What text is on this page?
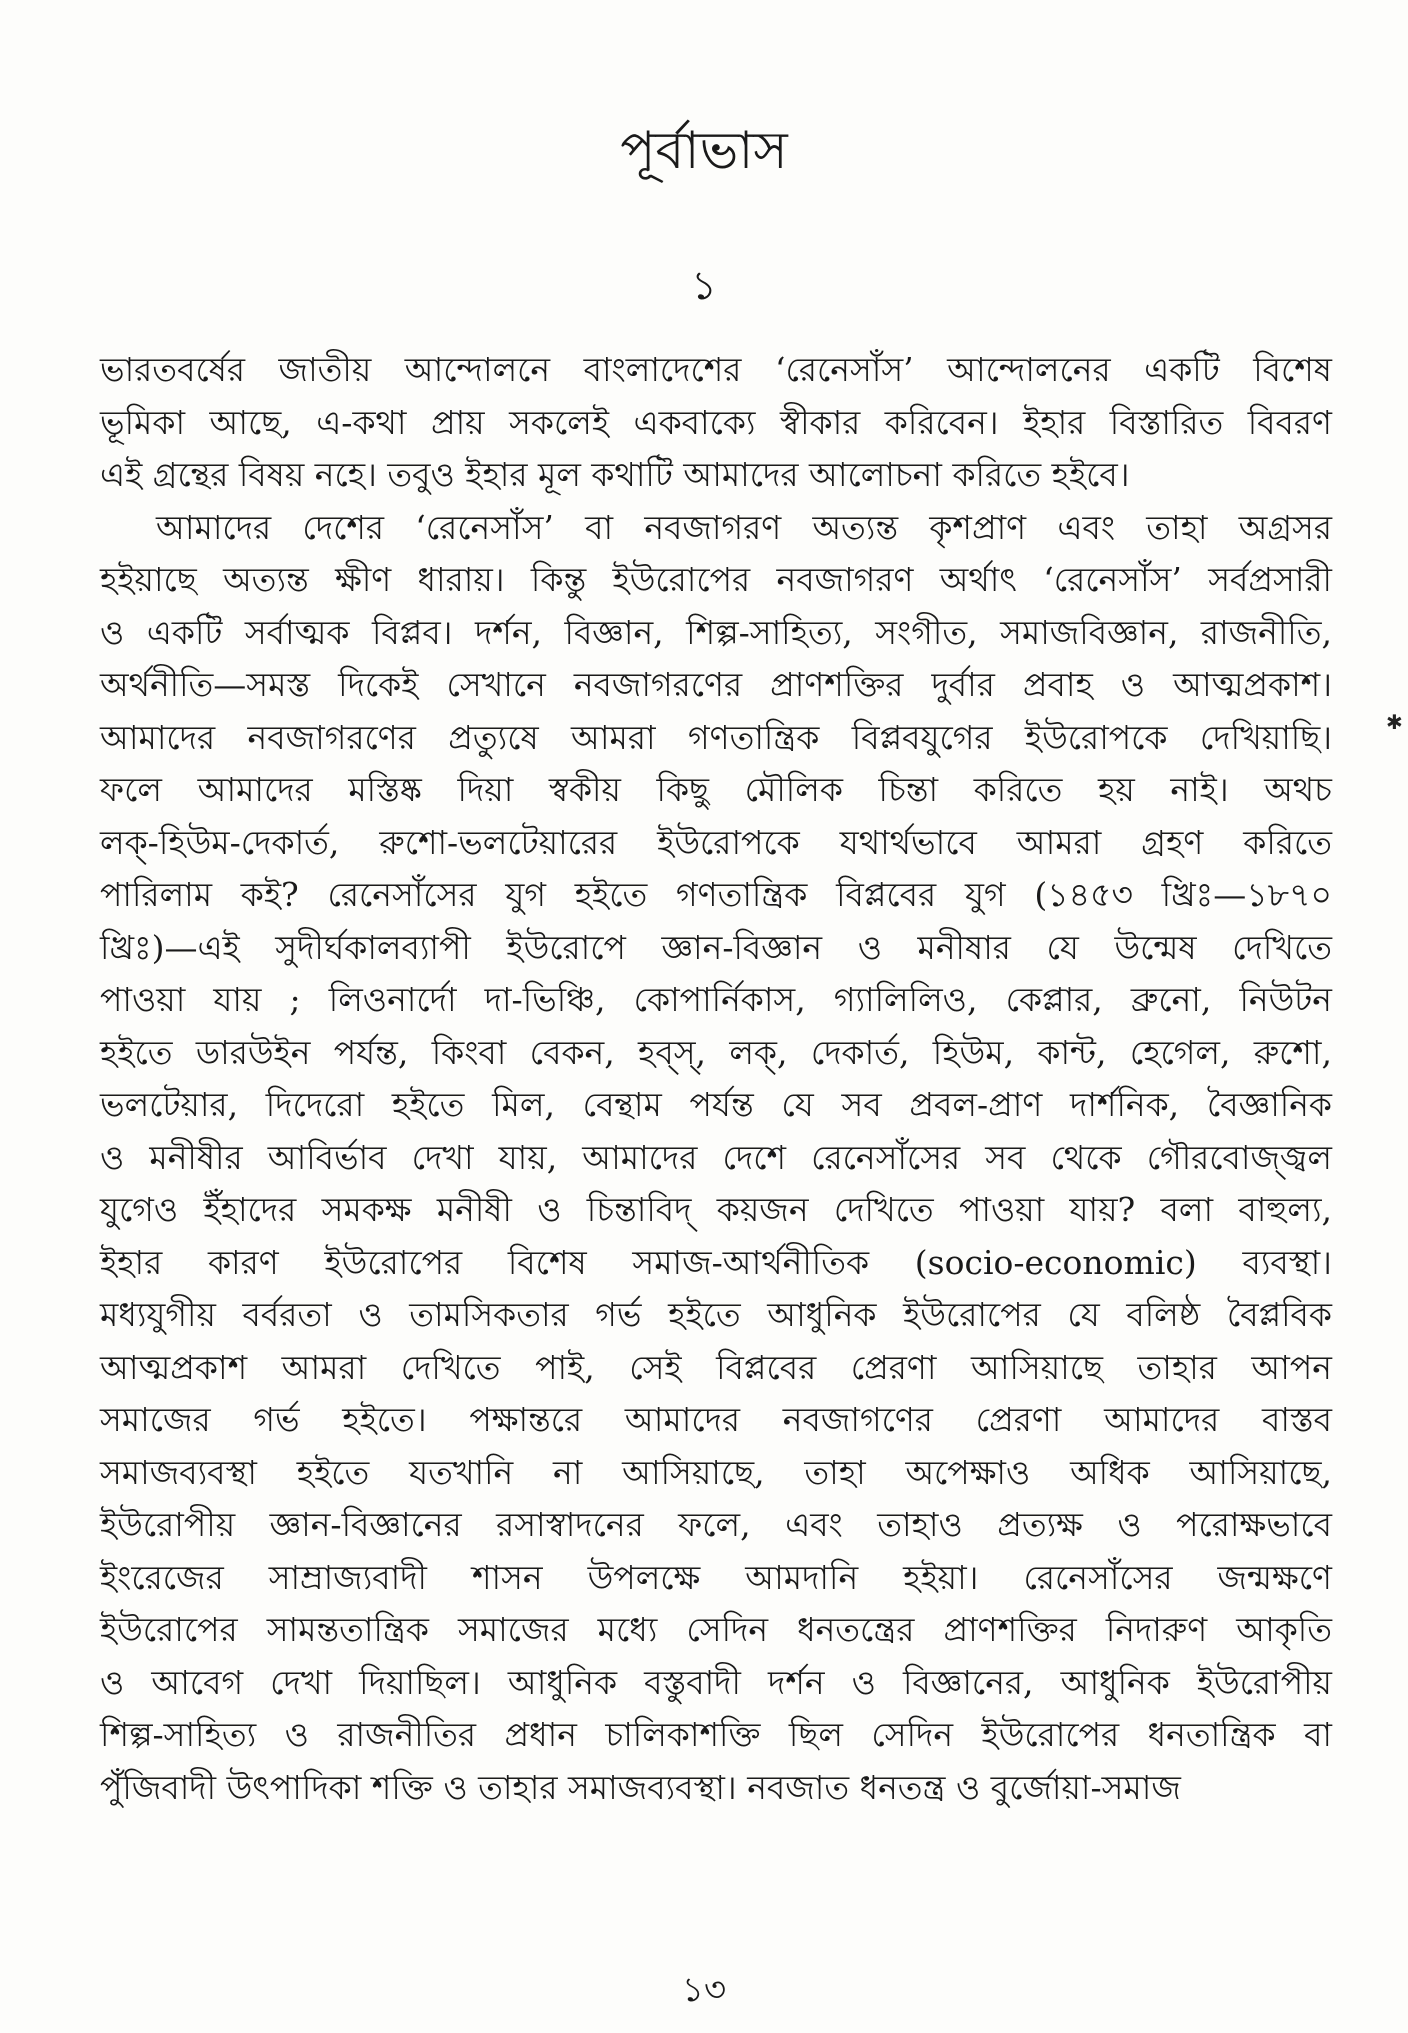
পূর্বাভাস
১
ভারতবর্ষের জাতীয় আন্দোলনে বাংলাদেশের ‘রেনেসাঁস’ আন্দোলনের একটি বিশেষ
ভূমিকা আছে, এ-কথা প্রায় সকলেই একবাক্যে স্বীকার করিবেন। ইহার বিস্তারিত বিবরণ
এই গ্রন্থের বিষয় নহে। তবুও ইহার মূল কথাটি আমাদের আলোচনা করিতে হইবে।
আমাদের দেশের ‘রেনেসাঁস’ বা নবজাগরণ অত্যন্ত কৃশপ্রাণ এবং তাহা অগ্রসর
হইয়াছে অত্যন্ত ক্ষীণ ধারায়। কিন্তু ইউরোপের নবজাগরণ অর্থাৎ ‘রেনেসাঁস’ সর্বপ্রসারী
ও একটি সর্বাত্মক বিপ্লব। দর্শন, বিজ্ঞান, শিল্প-সাহিত্য, সংগীত, সমাজবিজ্ঞান, রাজনীতি,
অর্থনীতি—সমস্ত দিকেই সেখানে নবজাগরণের প্রাণশক্তির দুর্বার প্রবাহ ও আত্মপ্রকাশ।
আমাদের নবজাগরণের প্রত্যুষে আমরা গণতান্ত্রিক বিপ্লবযুগের ইউরোপকে দেখিয়াছি।
ফলে আমাদের মস্তিষ্ক দিয়া স্বকীয় কিছু মৌলিক চিন্তা করিতে হয় নাই। অথচ
লক্-হিউম-দেকার্ত, রুশো-ভলটেয়ারের ইউরোপকে যথার্থভাবে আমরা গ্রহণ করিতে
পারিলাম কই? রেনেসাঁসের যুগ হইতে গণতান্ত্রিক বিপ্লবের যুগ (১৪৫৩ খ্রিঃ—১৮৭০
খ্রিঃ)—এই সুদীর্ঘকালব্যাপী ইউরোপে জ্ঞান-বিজ্ঞান ও মনীষার যে উন্মেষ দেখিতে
পাওয়া যায় ; লিওনার্দো দা-ভিঞ্চি, কোপার্নিকাস, গ্যালিলিও, কেপ্লার, ব্রুনো, নিউটন
হইতে ডারউইন পর্যন্ত, কিংবা বেকন, হব্স্, লক্, দেকার্ত, হিউম, কান্ট, হেগেল, রুশো,
ভলটেয়ার, দিদেরো হইতে মিল, বেন্থাম পর্যন্ত যে সব প্রবল-প্রাণ দার্শনিক, বৈজ্ঞানিক
ও মনীষীর আবির্ভাব দেখা যায়, আমাদের দেশে রেনেসাঁসের সব থেকে গৌরবোজ্জ্বল
যুগেও ইঁহাদের সমকক্ষ মনীষী ও চিন্তাবিদ্ কয়জন দেখিতে পাওয়া যায়? বলা বাহুল্য,
ইহার কারণ ইউরোপের বিশেষ সমাজ-আর্থনীতিক (socio-economic) ব্যবস্থা।
মধ্যযুগীয় বর্বরতা ও তামসিকতার গর্ভ হইতে আধুনিক ইউরোপের যে বলিষ্ঠ বৈপ্লবিক
আত্মপ্রকাশ আমরা দেখিতে পাই, সেই বিপ্লবের প্রেরণা আসিয়াছে তাহার আপন
সমাজের গর্ভ হইতে। পক্ষান্তরে আমাদের নবজাগণের প্রেরণা আমাদের বাস্তব
সমাজব্যবস্থা হইতে যতখানি না আসিয়াছে, তাহা অপেক্ষাও অধিক আসিয়াছে,
ইউরোপীয় জ্ঞান-বিজ্ঞানের রসাস্বাদনের ফলে, এবং তাহাও প্রত্যক্ষ ও পরোক্ষভাবে
ইংরেজের সাম্রাজ্যবাদী শাসন উপলক্ষে আমদানি হইয়া। রেনেসাঁসের জন্মক্ষণে
ইউরোপের সামন্ততান্ত্রিক সমাজের মধ্যে সেদিন ধনতন্ত্রের প্রাণশক্তির নিদারুণ আকৃতি
ও আবেগ দেখা দিয়াছিল। আধুনিক বস্তুবাদী দর্শন ও বিজ্ঞানের, আধুনিক ইউরোপীয়
শিল্প-সাহিত্য ও রাজনীতির প্রধান চালিকাশক্তি ছিল সেদিন ইউরোপের ধনতান্ত্রিক বা
পুঁজিবাদী উৎপাদিকা শক্তি ও তাহার সমাজব্যবস্থা। নবজাত ধনতন্ত্র ও বুর্জোয়া-সমাজ
✱
১৩
